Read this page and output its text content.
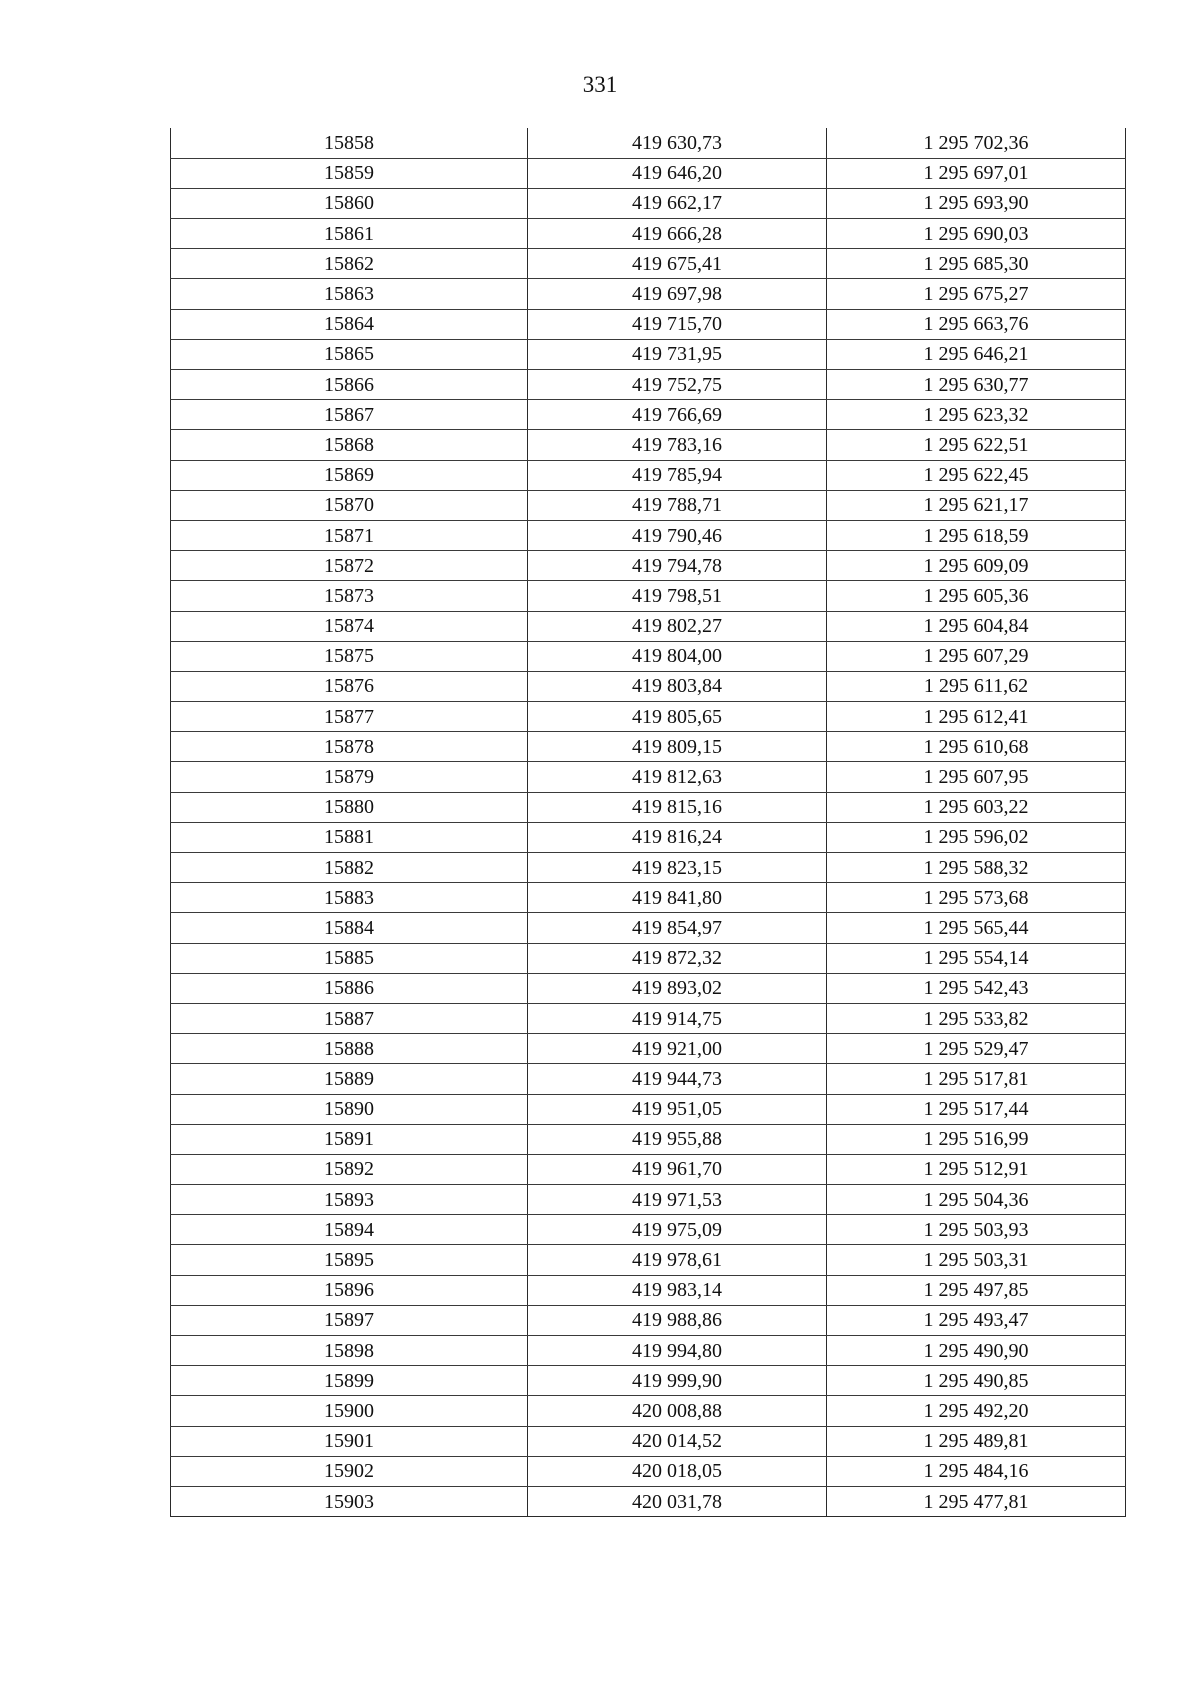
331
15858	419 630,73	1 295 702,36
15859	419 646,20	1 295 697,01
15860	419 662,17	1 295 693,90
15861	419 666,28	1 295 690,03
15862	419 675,41	1 295 685,30
15863	419 697,98	1 295 675,27
15864	419 715,70	1 295 663,76
15865	419 731,95	1 295 646,21
15866	419 752,75	1 295 630,77
15867	419 766,69	1 295 623,32
15868	419 783,16	1 295 622,51
15869	419 785,94	1 295 622,45
15870	419 788,71	1 295 621,17
15871	419 790,46	1 295 618,59
15872	419 794,78	1 295 609,09
15873	419 798,51	1 295 605,36
15874	419 802,27	1 295 604,84
15875	419 804,00	1 295 607,29
15876	419 803,84	1 295 611,62
15877	419 805,65	1 295 612,41
15878	419 809,15	1 295 610,68
15879	419 812,63	1 295 607,95
15880	419 815,16	1 295 603,22
15881	419 816,24	1 295 596,02
15882	419 823,15	1 295 588,32
15883	419 841,80	1 295 573,68
15884	419 854,97	1 295 565,44
15885	419 872,32	1 295 554,14
15886	419 893,02	1 295 542,43
15887	419 914,75	1 295 533,82
15888	419 921,00	1 295 529,47
15889	419 944,73	1 295 517,81
15890	419 951,05	1 295 517,44
15891	419 955,88	1 295 516,99
15892	419 961,70	1 295 512,91
15893	419 971,53	1 295 504,36
15894	419 975,09	1 295 503,93
15895	419 978,61	1 295 503,31
15896	419 983,14	1 295 497,85
15897	419 988,86	1 295 493,47
15898	419 994,80	1 295 490,90
15899	419 999,90	1 295 490,85
15900	420 008,88	1 295 492,20
15901	420 014,52	1 295 489,81
15902	420 018,05	1 295 484,16
15903	420 031,78	1 295 477,81
